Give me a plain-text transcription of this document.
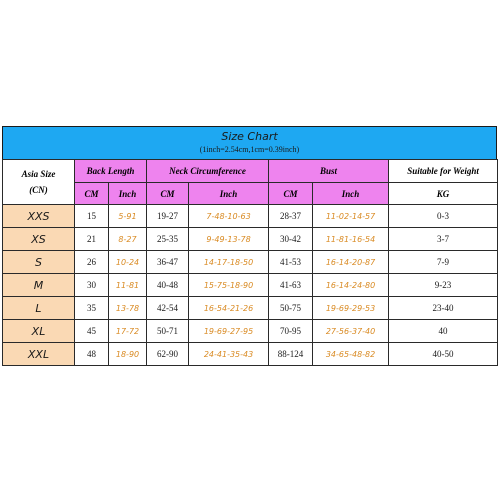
Size Chart
(1inch=2.54cm,1cm=0.39inch)
Asia Size
(CN)	Back Length		Neck Circumference		Bust		Suitable for Weight
	CM	Inch	CM	Inch	CM	Inch	KG
XXS	15	5-91	19-27	7-48-10-63	28-37	11-02-14-57	0-3
XS	21	8-27	25-35	9-49-13-78	30-42	11-81-16-54	3-7
S	26	10-24	36-47	14-17-18-50	41-53	16-14-20-87	7-9
M	30	11-81	40-48	15-75-18-90	41-63	16-14-24-80	9-23
L	35	13-78	42-54	16-54-21-26	50-75	19-69-29-53	23-40
XL	45	17-72	50-71	19-69-27-95	70-95	27-56-37-40	40
XXL	48	18-90	62-90	24-41-35-43	88-124	34-65-48-82	40-50
